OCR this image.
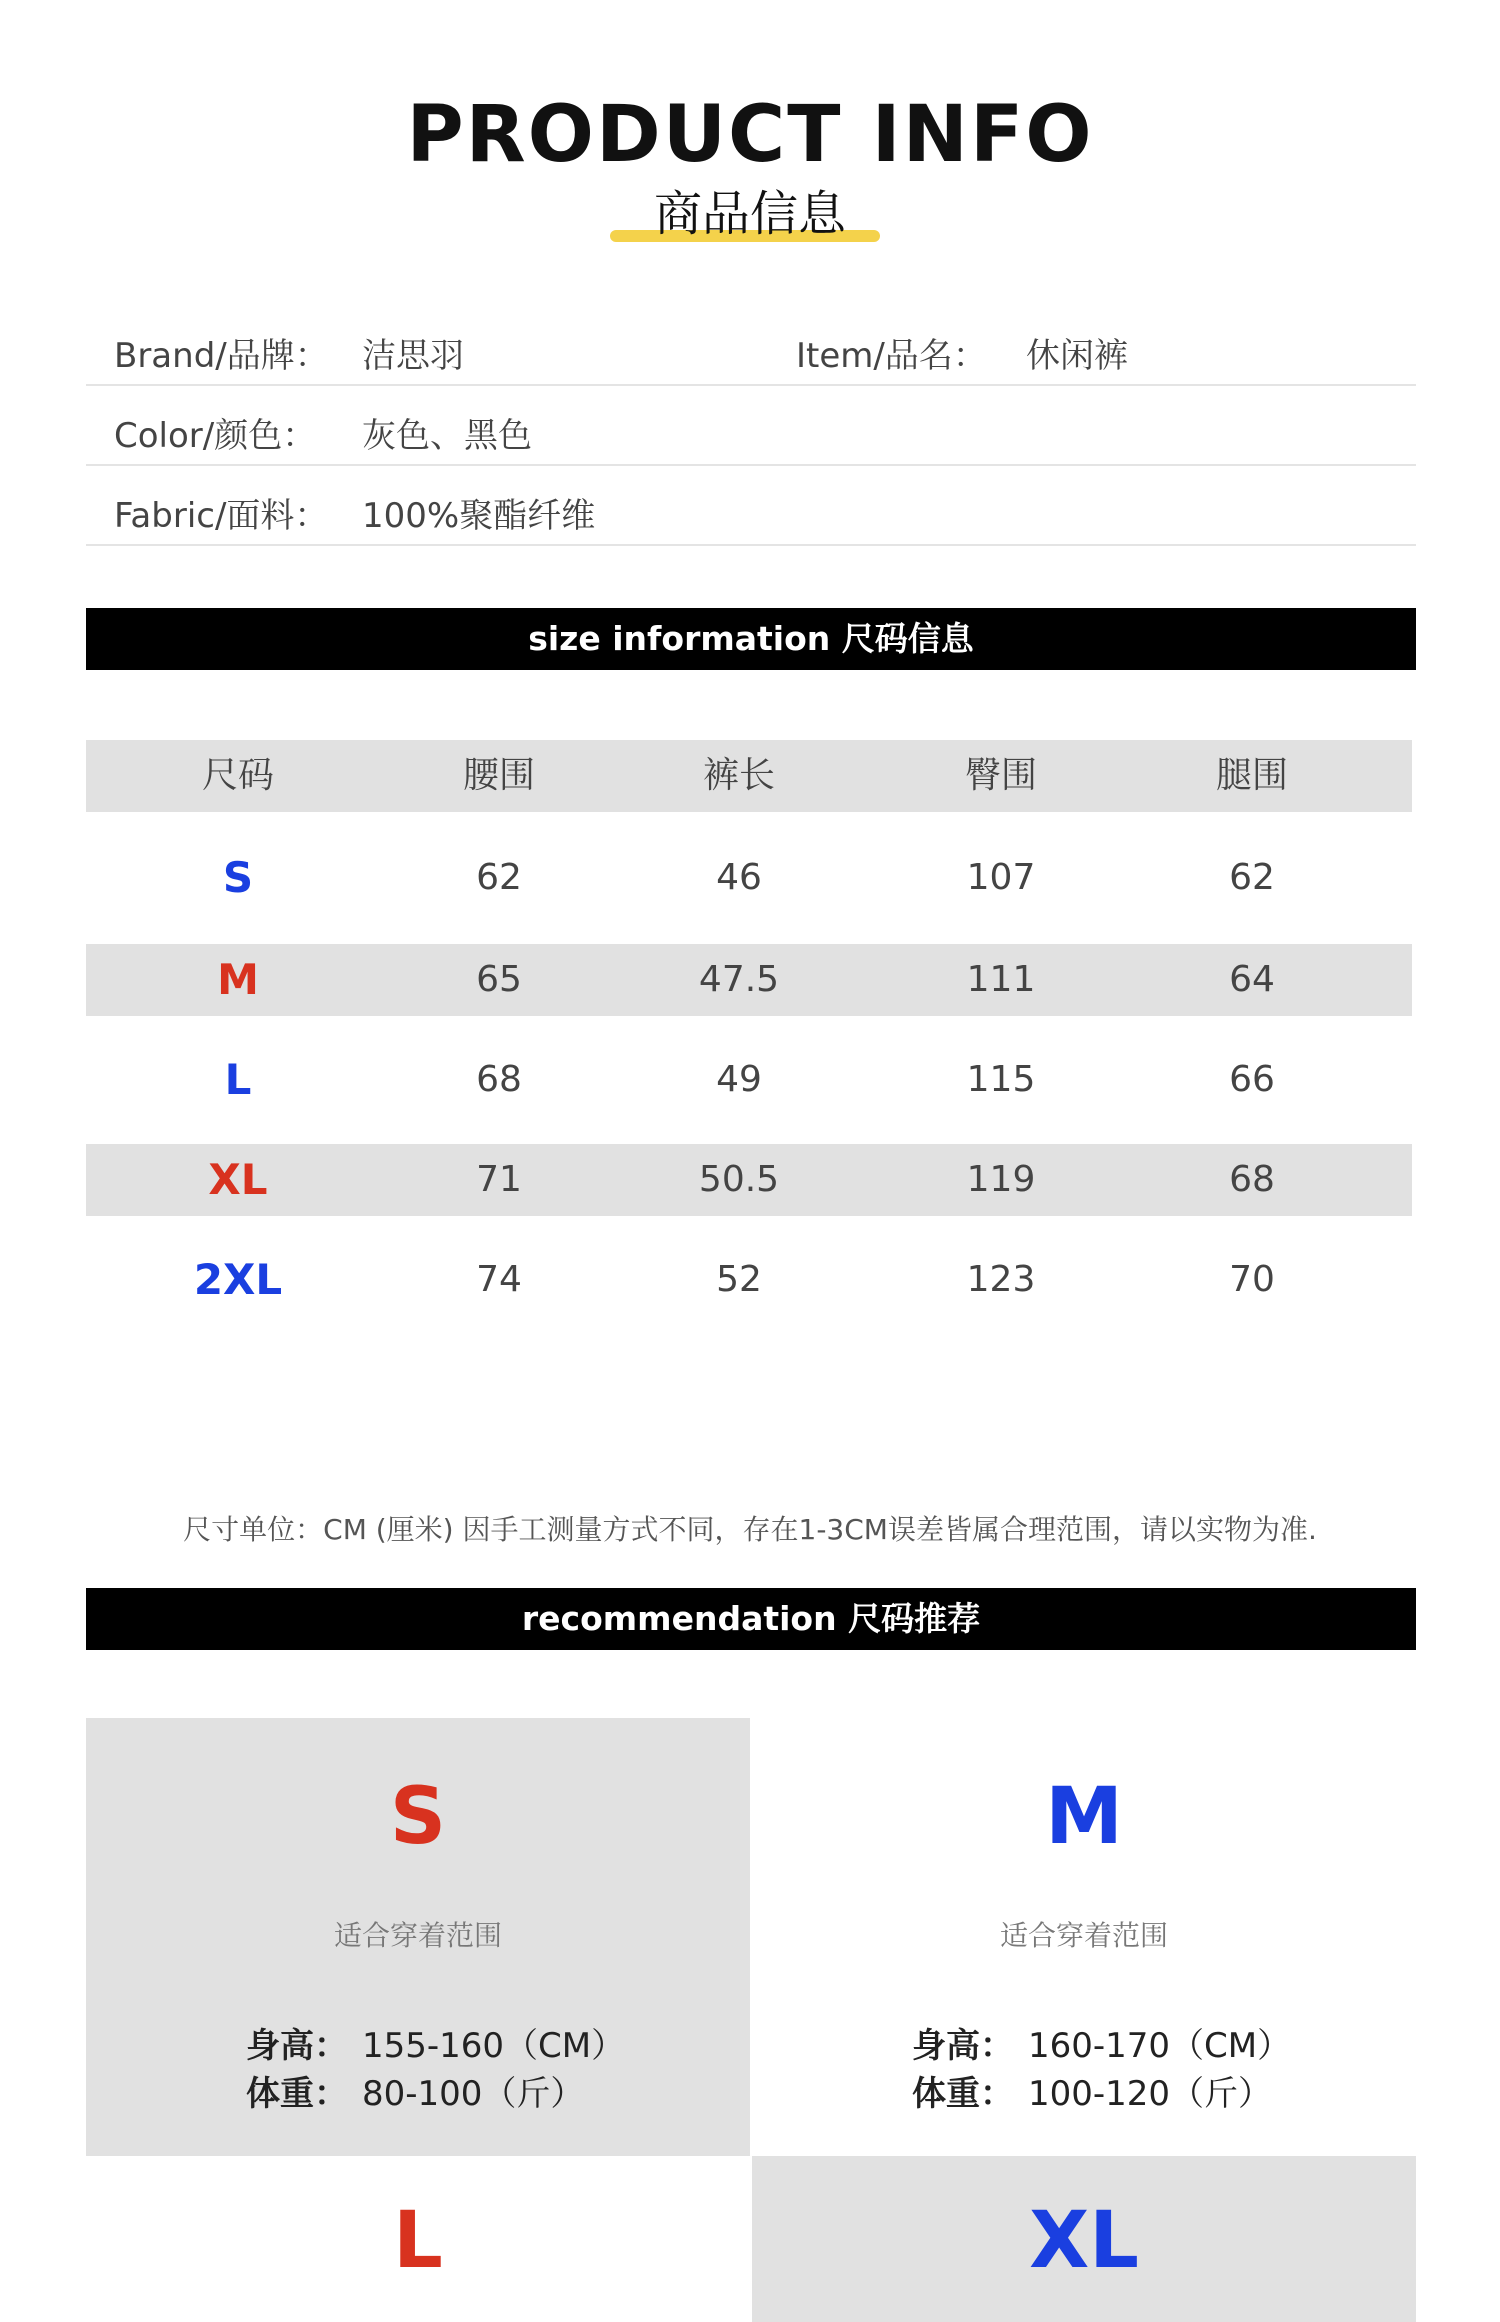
PRODUCT INFO
商品信息
Brand/品牌： 洁思羽	Item/品名： 休闲裤
Color/颜色： 灰色、黑色
Fabric/面料： 100%聚酯纤维
size information 尺码信息
尺码	腰围	裤长	臀围	腿围
S	62	46	107	62
M	65	47.5	111	64
L	68	49	115	66
XL	71	50.5	119	68
2XL	74	52	123	70
尺寸单位：CM (厘米) 因手工测量方式不同，存在1-3CM误差皆属合理范围，请以实物为准.
recommendation 尺码推荐
S
适合穿着范围
身高： 155-160（CM）
体重： 80-100（斤）
M
适合穿着范围
身高： 160-170（CM）
体重： 100-120（斤）
L	XL
